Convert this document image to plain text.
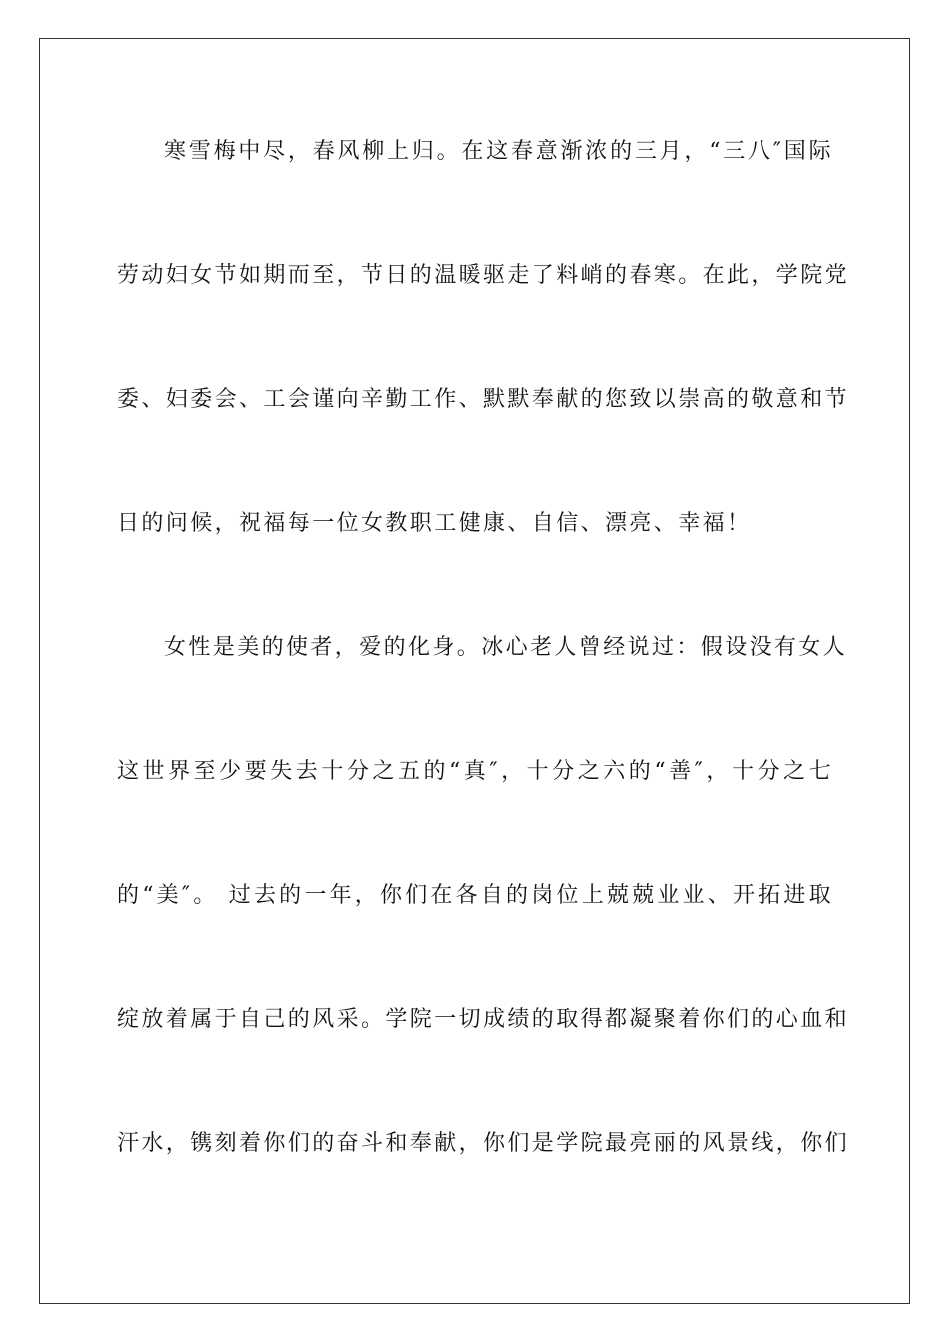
寒雪梅中尽，春风柳上归。在这春意渐浓的三月，“三八″国际
劳动妇女节如期而至，节日的温暖驱走了料峭的春寒。在此，学院党
委、妇委会、工会谨向辛勤工作、默默奉献的您致以崇高的敬意和节
日的问候，祝福每一位女教职工健康、自信、漂亮、幸福！
女性是美的使者，爱的化身。冰心老人曾经说过：假设没有女人
这世界至少要失去十分之五的“真″，十分之六的“善″，十分之七
的“美″。 过去的一年，你们在各自的岗位上兢兢业业、开拓进取
绽放着属于自己的风采。学院一切成绩的取得都凝聚着你们的心血和
汗水，镌刻着你们的奋斗和奉献，你们是学院最亮丽的风景线，你们
